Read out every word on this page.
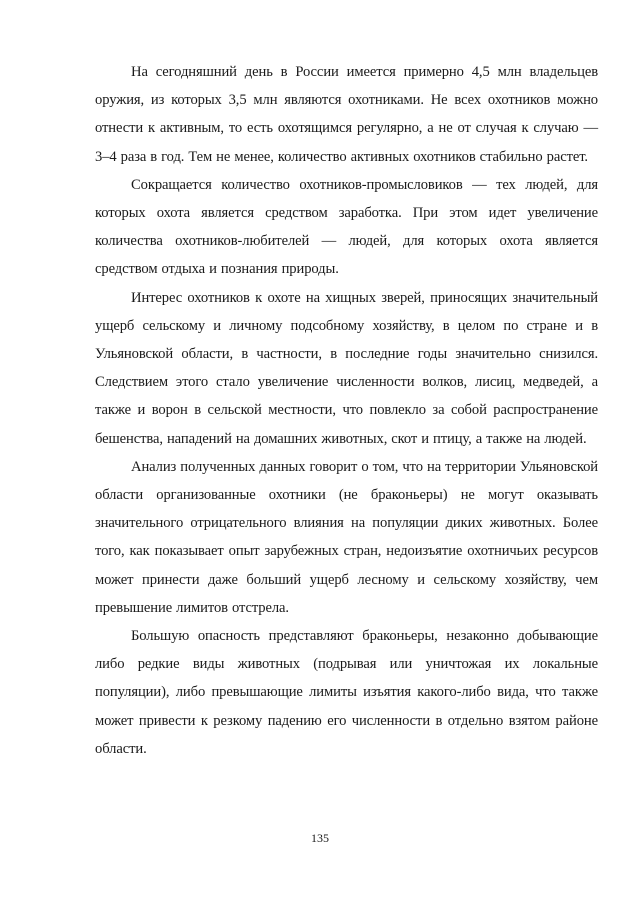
На сегодняшний день в России имеется примерно 4,5 млн владельцев оружия, из которых 3,5 млн являются охотниками. Не всех охотников можно отнести к активным, то есть охотящимся регулярно, а не от случая к случаю — 3–4 раза в год. Тем не менее, количество активных охотников стабильно растет.

Сокращается количество охотников-промысловиков — тех людей, для которых охота является средством заработка. При этом идет увеличение количества охотников-любителей — людей, для которых охота является средством отдыха и познания природы.

Интерес охотников к охоте на хищных зверей, приносящих значительный ущерб сельскому и личному подсобному хозяйству, в целом по стране и в Ульяновской области, в частности, в последние годы значительно снизился. Следствием этого стало увеличение численности волков, лисиц, медведей, а также и ворон в сельской местности, что повлекло за собой распространение бешенства, нападений на домашних животных, скот и птицу, а также на людей.

Анализ полученных данных говорит о том, что на территории Ульяновской области организованные охотники (не браконьеры) не могут оказывать значительного отрицательного влияния на популяции диких животных. Более того, как показывает опыт зарубежных стран, недоизъятие охотничьих ресурсов может принести даже больший ущерб лесному и сельскому хозяйству, чем превышение лимитов отстрела.

Большую опасность представляют браконьеры, незаконно добывающие либо редкие виды животных (подрывая или уничтожая их локальные популяции), либо превышающие лимиты изъятия какого-либо вида, что также может привести к резкому падению его численности в отдельно взятом районе области.

135
